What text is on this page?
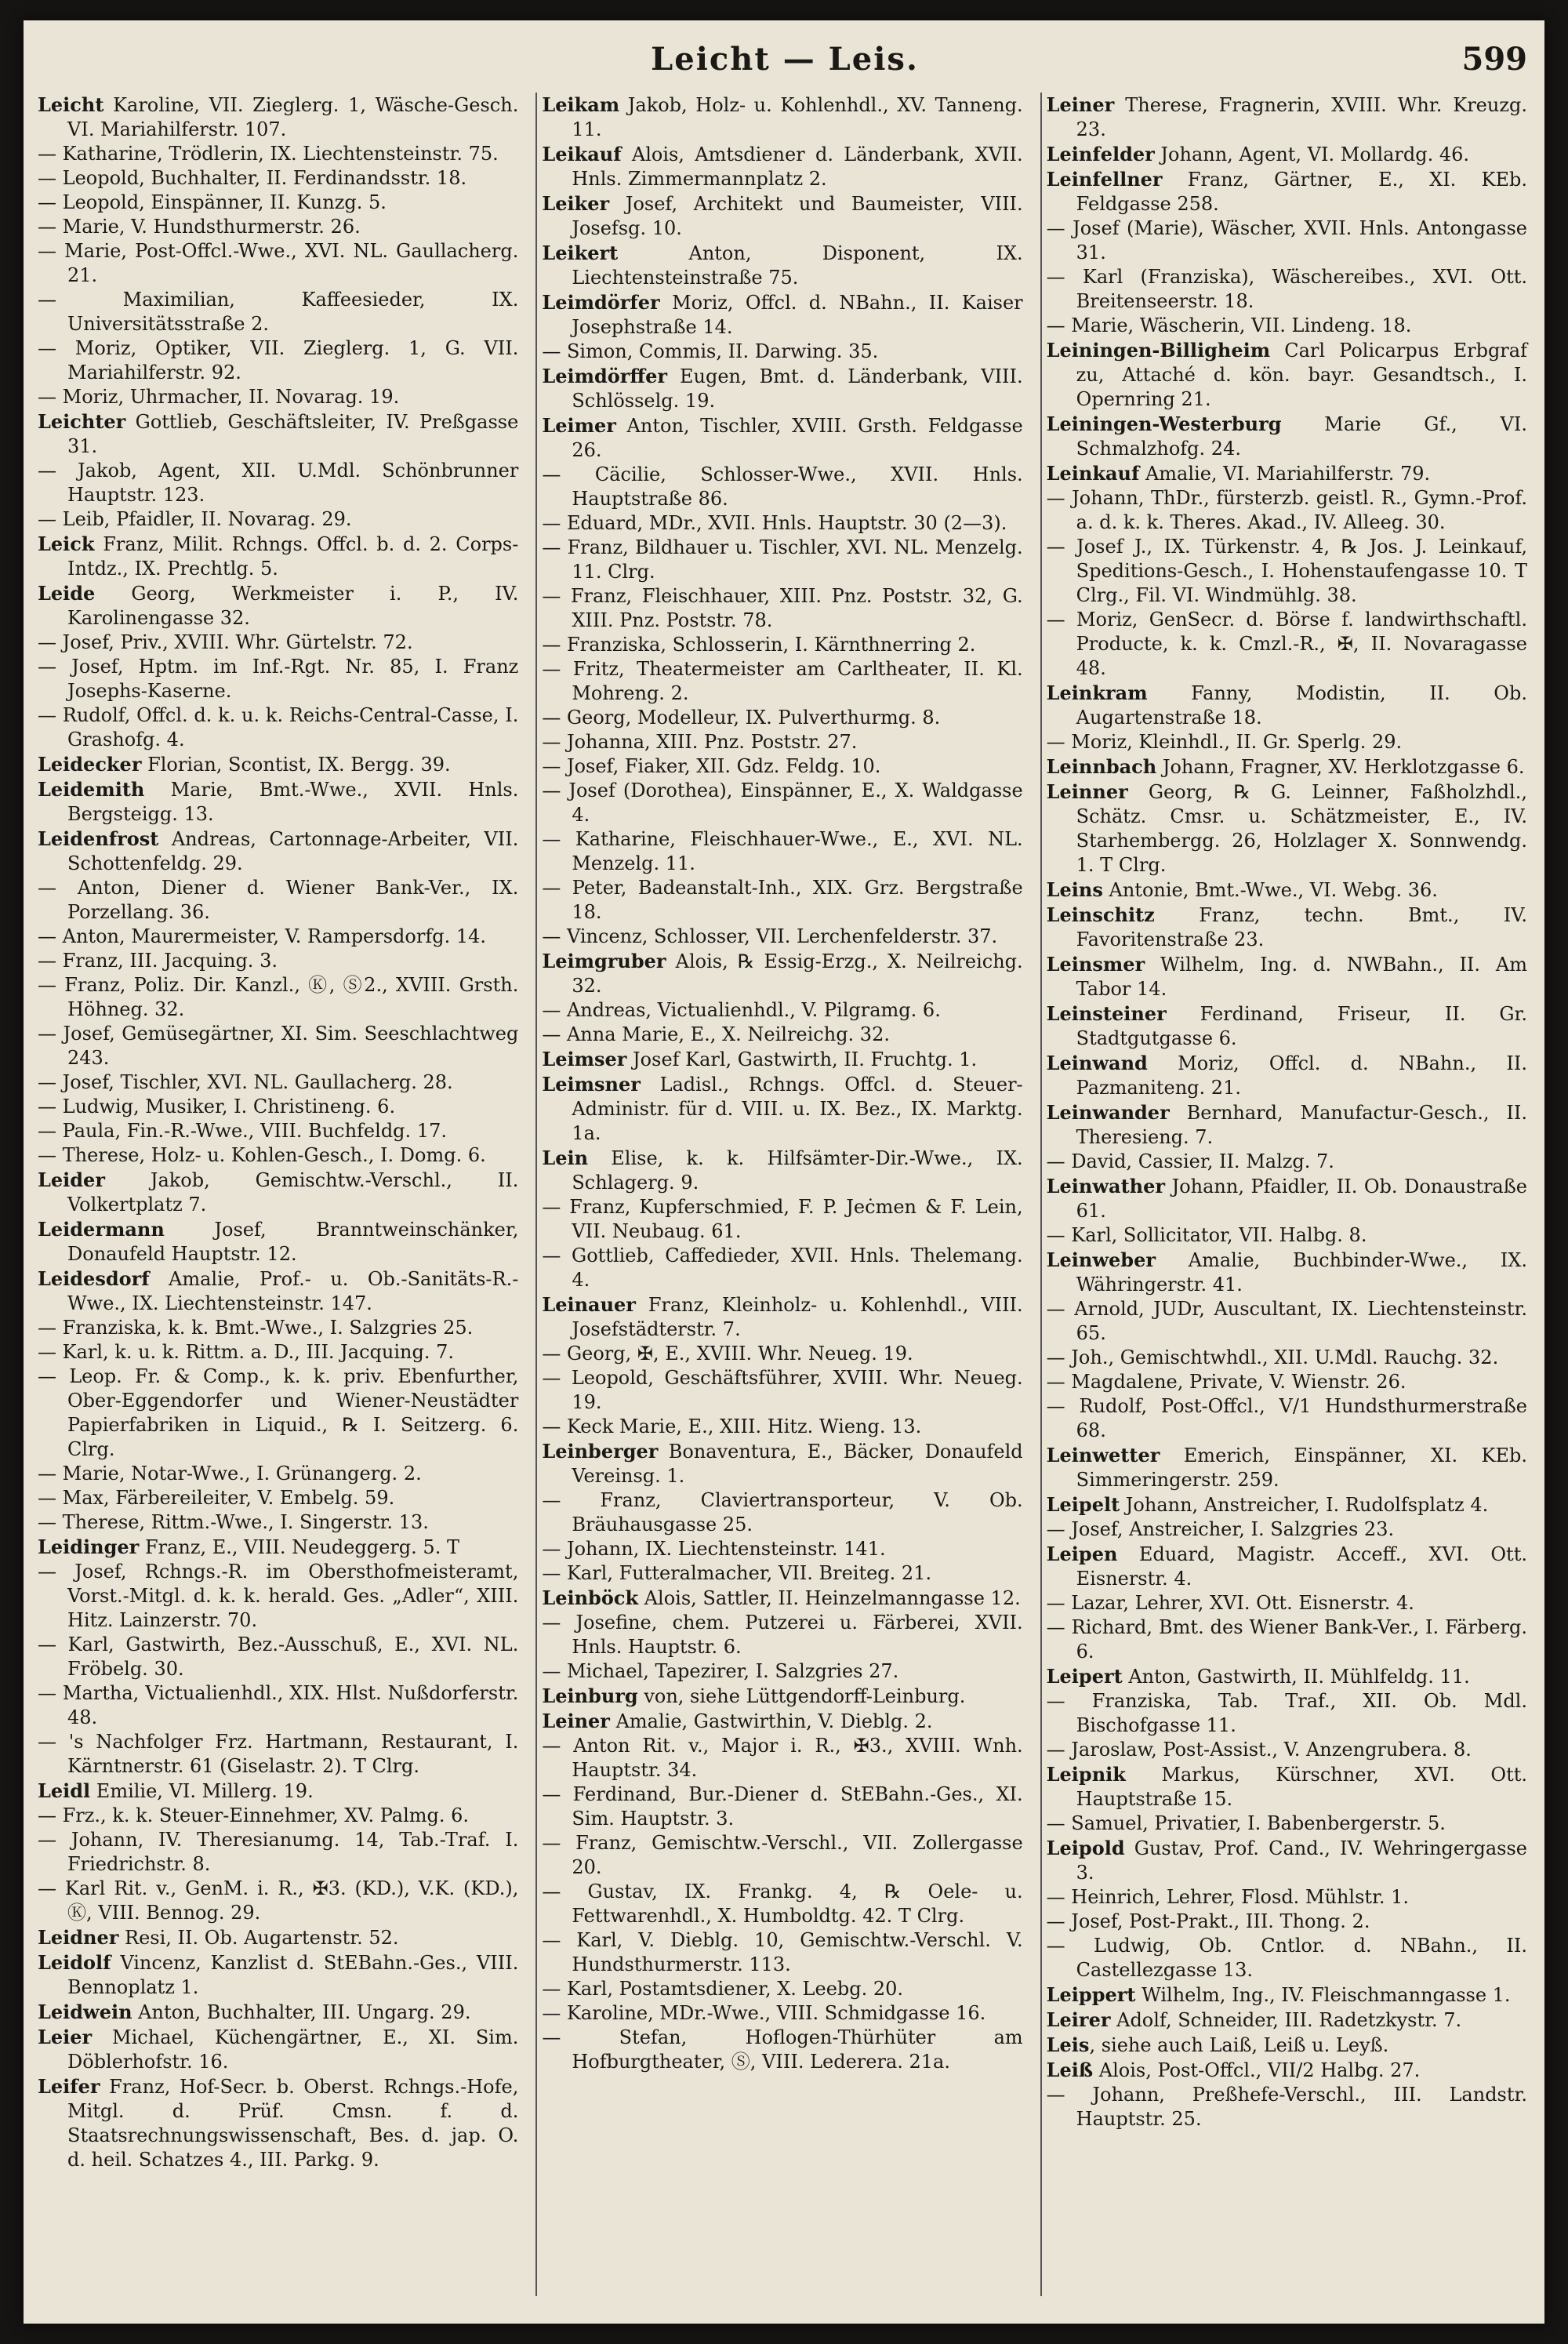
Leicht — Leis.	599
Leicht Karoline, VII. Zieglerg. 1, Wäsche-Gesch. VI. Mariahilferstr. 107.
— Katharine, Trödlerin, IX. Liechtensteinstr. 75.
— Leopold, Buchhalter, II. Ferdinandsstr. 18.
— Leopold, Einspänner, II. Kunzg. 5.
— Marie, V. Hundsthurmerstr. 26.
— Marie, Post-Offcl.-Wwe., XVI. NL. Gaullacherg. 21.
— Maximilian, Kaffeesieder, IX. Universitätsstraße 2.
— Moriz, Optiker, VII. Zieglerg. 1, G. VII. Mariahilferstr. 92.
— Moriz, Uhrmacher, II. Novarag. 19.
Leichter Gottlieb, Geschäftsleiter, IV. Preßgasse 31.
— Jakob, Agent, XII. U.Mdl. Schönbrunner Hauptstr. 123.
— Leib, Pfaidler, II. Novarag. 29.
Leick Franz, Milit. Rchngs. Offcl. b. d. 2. Corps-Intdz., IX. Prechtlg. 5.
Leide Georg, Werkmeister i. P., IV. Karolinengasse 32.
— Josef, Priv., XVIII. Whr. Gürtelstr. 72.
— Josef, Hptm. im Inf.-Rgt. Nr. 85, I. Franz Josephs-Kaserne.
— Rudolf, Offcl. d. k. u. k. Reichs-Central-Casse, I. Grashofg. 4.
Leidecker Florian, Scontist, IX. Bergg. 39.
Leidemith Marie, Bmt.-Wwe., XVII. Hnls. Bergsteigg. 13.
Leidenfrost Andreas, Cartonnage-Arbeiter, VII. Schottenfeldg. 29.
— Anton, Diener d. Wiener Bank-Ver., IX. Porzellang. 36.
— Anton, Maurermeister, V. Rampersdorfg. 14.
— Franz, III. Jacquing. 3.
— Franz, Poliz. Dir. Kanzl., Ⓚ, Ⓢ2., XVIII. Grsth. Höhneg. 32.
— Josef, Gemüsegärtner, XI. Sim. Seeschlachtweg 243.
— Josef, Tischler, XVI. NL. Gaullacherg. 28.
— Ludwig, Musiker, I. Christineng. 6.
— Paula, Fin.-R.-Wwe., VIII. Buchfeldg. 17.
— Therese, Holz- u. Kohlen-Gesch., I. Domg. 6.
Leider Jakob, Gemischtw.-Verschl., II. Volkertplatz 7.
Leidermann Josef, Branntweinschänker, Donaufeld Hauptstr. 12.
Leidesdorf Amalie, Prof.- u. Ob.-Sanitäts-R.-Wwe., IX. Liechtensteinstr. 147.
— Franziska, k. k. Bmt.-Wwe., I. Salzgries 25.
— Karl, k. u. k. Rittm. a. D., III. Jacquing. 7.
— Leop. Fr. & Comp., k. k. priv. Ebenfurther, Ober-Eggendorfer und Wiener-Neustädter Papierfabriken in Liquid., ℞ I. Seitzerg. 6. Clrg.
— Marie, Notar-Wwe., I. Grünangerg. 2.
— Max, Färbereileiter, V. Embelg. 59.
— Therese, Rittm.-Wwe., I. Singerstr. 13.
Leidinger Franz, E., VIII. Neudeggerg. 5. T
— Josef, Rchngs.-R. im Obersthofmeisteramt, Vorst.-Mitgl. d. k. k. herald. Ges. „Adler“, XIII. Hitz. Lainzerstr. 70.
— Karl, Gastwirth, Bez.-Ausschuß, E., XVI. NL. Fröbelg. 30.
— Martha, Victualienhdl., XIX. Hlst. Nußdorferstr. 48.
— 's Nachfolger Frz. Hartmann, Restaurant, I. Kärntnerstr. 61 (Giselastr. 2). T Clrg.
Leidl Emilie, VI. Millerg. 19.
— Frz., k. k. Steuer-Einnehmer, XV. Palmg. 6.
— Johann, IV. Theresianumg. 14, Tab.-Traf. I. Friedrichstr. 8.
— Karl Rit. v., GenM. i. R., ✠3. (KD.), V.K. (KD.), Ⓚ, VIII. Bennog. 29.
Leidner Resi, II. Ob. Augartenstr. 52.
Leidolf Vincenz, Kanzlist d. StEBahn.-Ges., VIII. Bennoplatz 1.
Leidwein Anton, Buchhalter, III. Ungarg. 29.
Leier Michael, Küchengärtner, E., XI. Sim. Döblerhofstr. 16.
Leifer Franz, Hof-Secr. b. Oberst. Rchngs.-Hofe, Mitgl. d. Prüf. Cmsn. f. d. Staatsrechnungswissenschaft, Bes. d. jap. O. d. heil. Schatzes 4., III. Parkg. 9.
Leikam Jakob, Holz- u. Kohlenhdl., XV. Tanneng. 11.
Leikauf Alois, Amtsdiener d. Länderbank, XVII. Hnls. Zimmermannplatz 2.
Leiker Josef, Architekt und Baumeister, VIII. Josefsg. 10.
Leikert Anton, Disponent, IX. Liechtensteinstraße 75.
Leimdörfer Moriz, Offcl. d. NBahn., II. Kaiser Josephstraße 14.
— Simon, Commis, II. Darwing. 35.
Leimdörffer Eugen, Bmt. d. Länderbank, VIII. Schlösselg. 19.
Leimer Anton, Tischler, XVIII. Grsth. Feldgasse 26.
— Cäcilie, Schlosser-Wwe., XVII. Hnls. Hauptstraße 86.
— Eduard, MDr., XVII. Hnls. Hauptstr. 30 (2—3).
— Franz, Bildhauer u. Tischler, XVI. NL. Menzelg. 11. Clrg.
— Franz, Fleischhauer, XIII. Pnz. Poststr. 32, G. XIII. Pnz. Poststr. 78.
— Franziska, Schlosserin, I. Kärnthnerring 2.
— Fritz, Theatermeister am Carltheater, II. Kl. Mohreng. 2.
— Georg, Modelleur, IX. Pulverthurmg. 8.
— Johanna, XIII. Pnz. Poststr. 27.
— Josef, Fiaker, XII. Gdz. Feldg. 10.
— Josef (Dorothea), Einspänner, E., X. Waldgasse 4.
— Katharine, Fleischhauer-Wwe., E., XVI. NL. Menzelg. 11.
— Peter, Badeanstalt-Inh., XIX. Grz. Bergstraße 18.
— Vincenz, Schlosser, VII. Lerchenfelderstr. 37.
Leimgruber Alois, ℞ Essig-Erzg., X. Neilreichg. 32.
— Andreas, Victualienhdl., V. Pilgramg. 6.
— Anna Marie, E., X. Neilreichg. 32.
Leimser Josef Karl, Gastwirth, II. Fruchtg. 1.
Leimsner Ladisl., Rchngs. Offcl. d. Steuer-Administr. für d. VIII. u. IX. Bez., IX. Marktg. 1a.
Lein Elise, k. k. Hilfsämter-Dir.-Wwe., IX. Schlagerg. 9.
— Franz, Kupferschmied, F. P. Jeċmen & F. Lein, VII. Neubaug. 61.
— Gottlieb, Caffedieder, XVII. Hnls. Thelemang. 4.
Leinauer Franz, Kleinholz- u. Kohlenhdl., VIII. Josefstädterstr. 7.
— Georg, ✠, E., XVIII. Whr. Neueg. 19.
— Leopold, Geschäftsführer, XVIII. Whr. Neueg. 19.
— Keck Marie, E., XIII. Hitz. Wieng. 13.
Leinberger Bonaventura, E., Bäcker, Donaufeld Vereinsg. 1.
— Franz, Claviertransporteur, V. Ob. Bräuhausgasse 25.
— Johann, IX. Liechtensteinstr. 141.
— Karl, Futteralmacher, VII. Breiteg. 21.
Leinböck Alois, Sattler, II. Heinzelmanngasse 12.
— Josefine, chem. Putzerei u. Färberei, XVII. Hnls. Hauptstr. 6.
— Michael, Tapezirer, I. Salzgries 27.
Leinburg von, siehe Lüttgendorff-Leinburg.
Leiner Amalie, Gastwirthin, V. Dieblg. 2.
— Anton Rit. v., Major i. R., ✠3., XVIII. Wnh. Hauptstr. 34.
— Ferdinand, Bur.-Diener d. StEBahn.-Ges., XI. Sim. Hauptstr. 3.
— Franz, Gemischtw.-Verschl., VII. Zollergasse 20.
— Gustav, IX. Frankg. 4, ℞ Oele- u. Fettwarenhdl., X. Humboldtg. 42. T Clrg.
— Karl, V. Dieblg. 10, Gemischtw.-Verschl. V. Hundsthurmerstr. 113.
— Karl, Postamtsdiener, X. Leebg. 20.
— Karoline, MDr.-Wwe., VIII. Schmidgasse 16.
— Stefan, Hoflogen-Thürhüter am Hofburgtheater, Ⓢ, VIII. Lederera. 21a.
Leiner Therese, Fragnerin, XVIII. Whr. Kreuzg. 23.
Leinfelder Johann, Agent, VI. Mollardg. 46.
Leinfellner Franz, Gärtner, E., XI. KEb. Feldgasse 258.
— Josef (Marie), Wäscher, XVII. Hnls. Antongasse 31.
— Karl (Franziska), Wäschereibes., XVI. Ott. Breitenseerstr. 18.
— Marie, Wäscherin, VII. Lindeng. 18.
Leiningen-Billigheim Carl Policarpus Erbgraf zu, Attaché d. kön. bayr. Gesandtsch., I. Opernring 21.
Leiningen-Westerburg Marie Gf., VI. Schmalzhofg. 24.
Leinkauf Amalie, VI. Mariahilferstr. 79.
— Johann, ThDr., fürsterzb. geistl. R., Gymn.-Prof. a. d. k. k. Theres. Akad., IV. Alleeg. 30.
— Josef J., IX. Türkenstr. 4, ℞ Jos. J. Leinkauf, Speditions-Gesch., I. Hohenstaufengasse 10. T Clrg., Fil. VI. Windmühlg. 38.
— Moriz, GenSecr. d. Börse f. landwirthschaftl. Producte, k. k. Cmzl.-R., ✠, II. Novaragasse 48.
Leinkram Fanny, Modistin, II. Ob. Augartenstraße 18.
— Moriz, Kleinhdl., II. Gr. Sperlg. 29.
Leinnbach Johann, Fragner, XV. Herklotzgasse 6.
Leinner Georg, ℞ G. Leinner, Faßholzhdl., Schätz. Cmsr. u. Schätzmeister, E., IV. Starhembergg. 26, Holzlager X. Sonnwendg. 1. T Clrg.
Leins Antonie, Bmt.-Wwe., VI. Webg. 36.
Leinschitz Franz, techn. Bmt., IV. Favoritenstraße 23.
Leinsmer Wilhelm, Ing. d. NWBahn., II. Am Tabor 14.
Leinsteiner Ferdinand, Friseur, II. Gr. Stadtgutgasse 6.
Leinwand Moriz, Offcl. d. NBahn., II. Pazmaniteng. 21.
Leinwander Bernhard, Manufactur-Gesch., II. Theresieng. 7.
— David, Cassier, II. Malzg. 7.
Leinwather Johann, Pfaidler, II. Ob. Donaustraße 61.
— Karl, Sollicitator, VII. Halbg. 8.
Leinweber Amalie, Buchbinder-Wwe., IX. Währingerstr. 41.
— Arnold, JUDr, Auscultant, IX. Liechtensteinstr. 65.
— Joh., Gemischtwhdl., XII. U.Mdl. Rauchg. 32.
— Magdalene, Private, V. Wienstr. 26.
— Rudolf, Post-Offcl., V/1 Hundsthurmerstraße 68.
Leinwetter Emerich, Einspänner, XI. KEb. Simmeringerstr. 259.
Leipelt Johann, Anstreicher, I. Rudolfsplatz 4.
— Josef, Anstreicher, I. Salzgries 23.
Leipen Eduard, Magistr. Acceff., XVI. Ott. Eisnerstr. 4.
— Lazar, Lehrer, XVI. Ott. Eisnerstr. 4.
— Richard, Bmt. des Wiener Bank-Ver., I. Färberg. 6.
Leipert Anton, Gastwirth, II. Mühlfeldg. 11.
— Franziska, Tab. Traf., XII. Ob. Mdl. Bischofgasse 11.
— Jaroslaw, Post-Assist., V. Anzengrubera. 8.
Leipnik Markus, Kürschner, XVI. Ott. Hauptstraße 15.
— Samuel, Privatier, I. Babenbergerstr. 5.
Leipold Gustav, Prof. Cand., IV. Wehringergasse 3.
— Heinrich, Lehrer, Flosd. Mühlstr. 1.
— Josef, Post-Prakt., III. Thong. 2.
— Ludwig, Ob. Cntlor. d. NBahn., II. Castellezgasse 13.
Leippert Wilhelm, Ing., IV. Fleischmanngasse 1.
Leirer Adolf, Schneider, III. Radetzkystr. 7.
Leis, siehe auch Laiß, Leiß u. Leyß.
Leiß Alois, Post-Offcl., VII/2 Halbg. 27.
— Johann, Preßhefe-Verschl., III. Landstr. Hauptstr. 25.
